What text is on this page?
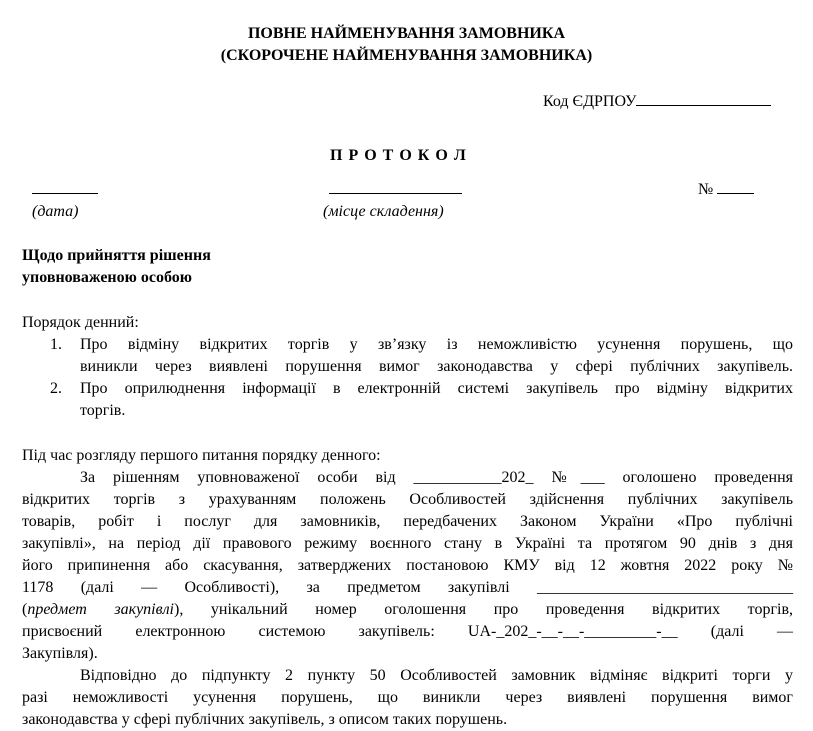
ПОВНЕ НАЙМЕНУВАННЯ ЗАМОВНИКА
(СКОРОЧЕНЕ НАЙМЕНУВАННЯ ЗАМОВНИКА)
Код ЄДРПОУ
П Р О Т О К О Л
(дата)	(місце складення)
№
Щодо прийняття рішення
уповноваженою особою
Порядок денний:
1. Про відміну відкритих торгів у зв’язку із неможливістю усунення порушень, що
виникли через виявлені порушення вимог законодавства у сфері публічних закупівель.
2. Про оприлюднення інформації в електронній системі закупівель про відміну відкритих
торгів.
Під час розгляду першого питання порядку денного:
За рішенням уповноваженої особи від ___________202_ №___ оголошено проведення
відкритих торгів з урахуванням положень Особливостей здійснення публічних закупівель
товарів, робіт і послуг для замовників, передбачених Законом України «Про публічні
закупівлі», на період дії правового режиму воєнного стану в Україні та протягом 90 днів з дня
його припинення або скасування, затверджених постановою КМУ від 12 жовтня 2022 року №
1178 (далі — Особливості), за предметом закупівлі ________________________________
(предмет закупівлі), унікальний номер оголошення про проведення відкритих торгів,
присвоєний електронною системою закупівель: UA-_202_-__-__-_________-__ (далі —
Закупівля).
Відповідно до підпункту 2 пункту 50 Особливостей замовник відміняє відкриті торги у
разі неможливості усунення порушень, що виникли через виявлені порушення вимог
законодавства у сфері публічних закупівель, з описом таких порушень.
